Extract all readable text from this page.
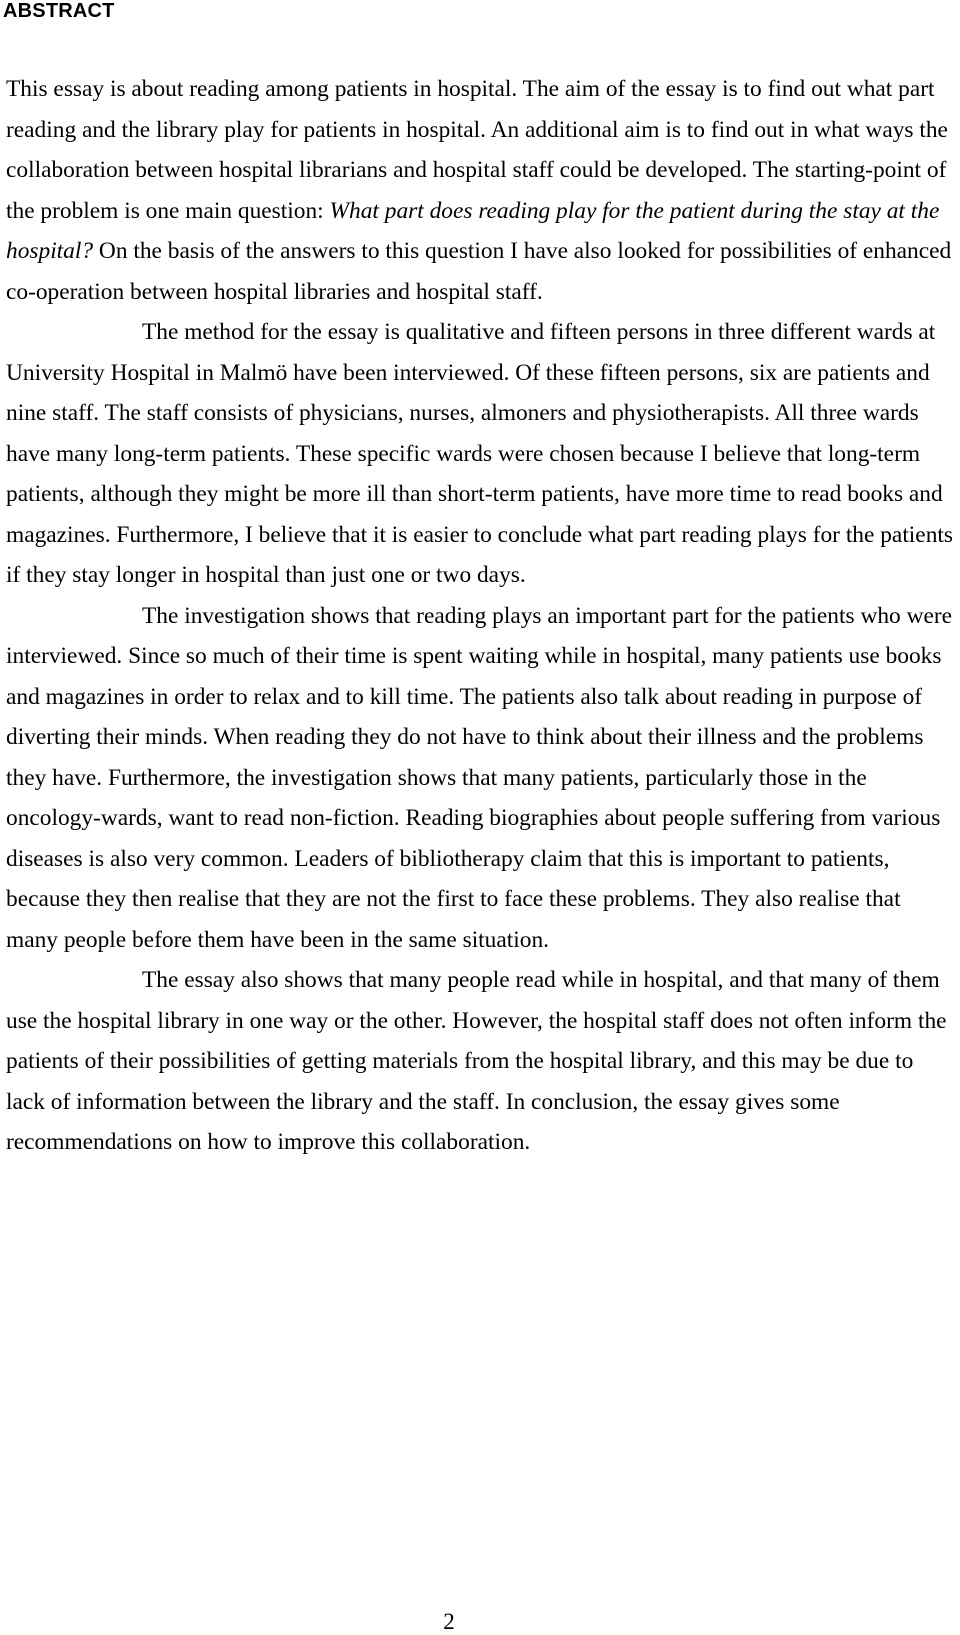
ABSTRACT

This essay is about reading among patients in hospital. The aim of the essay is to find out what part reading and the library play for patients in hospital. An additional aim is to find out in what ways the collaboration between hospital librarians and hospital staff could be developed. The starting-point of the problem is one main question: What part does reading play for the patient during the stay at the hospital? On the basis of the answers to this question I have also looked for possibilities of enhanced co-operation between hospital libraries and hospital staff.

The method for the essay is qualitative and fifteen persons in three different wards at University Hospital in Malmö have been interviewed. Of these fifteen persons, six are patients and nine staff. The staff consists of physicians, nurses, almoners and physiotherapists. All three wards have many long-term patients. These specific wards were chosen because I believe that long-term patients, although they might be more ill than short-term patients, have more time to read books and magazines. Furthermore, I believe that it is easier to conclude what part reading plays for the patients if they stay longer in hospital than just one or two days.

The investigation shows that reading plays an important part for the patients who were interviewed. Since so much of their time is spent waiting while in hospital, many patients use books and magazines in order to relax and to kill time. The patients also talk about reading in purpose of diverting their minds. When reading they do not have to think about their illness and the problems they have. Furthermore, the investigation shows that many patients, particularly those in the oncology-wards, want to read non-fiction. Reading biographies about people suffering from various diseases is also very common. Leaders of bibliotherapy claim that this is important to patients, because they then realise that they are not the first to face these problems. They also realise that many people before them have been in the same situation.

The essay also shows that many people read while in hospital, and that many of them use the hospital library in one way or the other. However, the hospital staff does not often inform the patients of their possibilities of getting materials from the hospital library, and this may be due to lack of information between the library and the staff. In conclusion, the essay gives some recommendations on how to improve this collaboration.

2
